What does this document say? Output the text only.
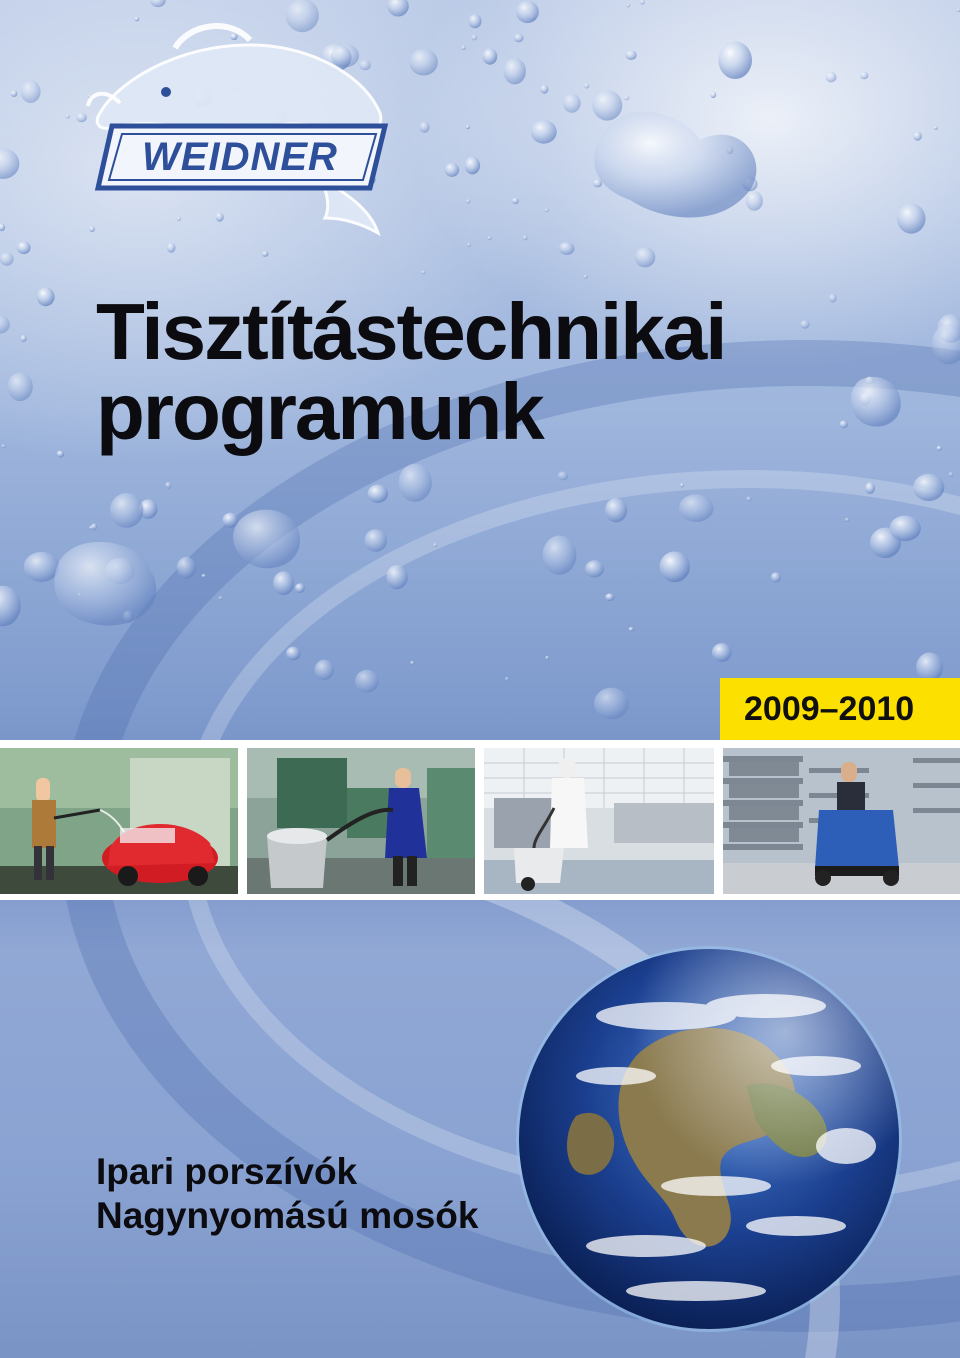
WEIDNER
Tisztítástechnikai
programunk
2009–2010
Ipari porszívók
Nagynyomású mosók
